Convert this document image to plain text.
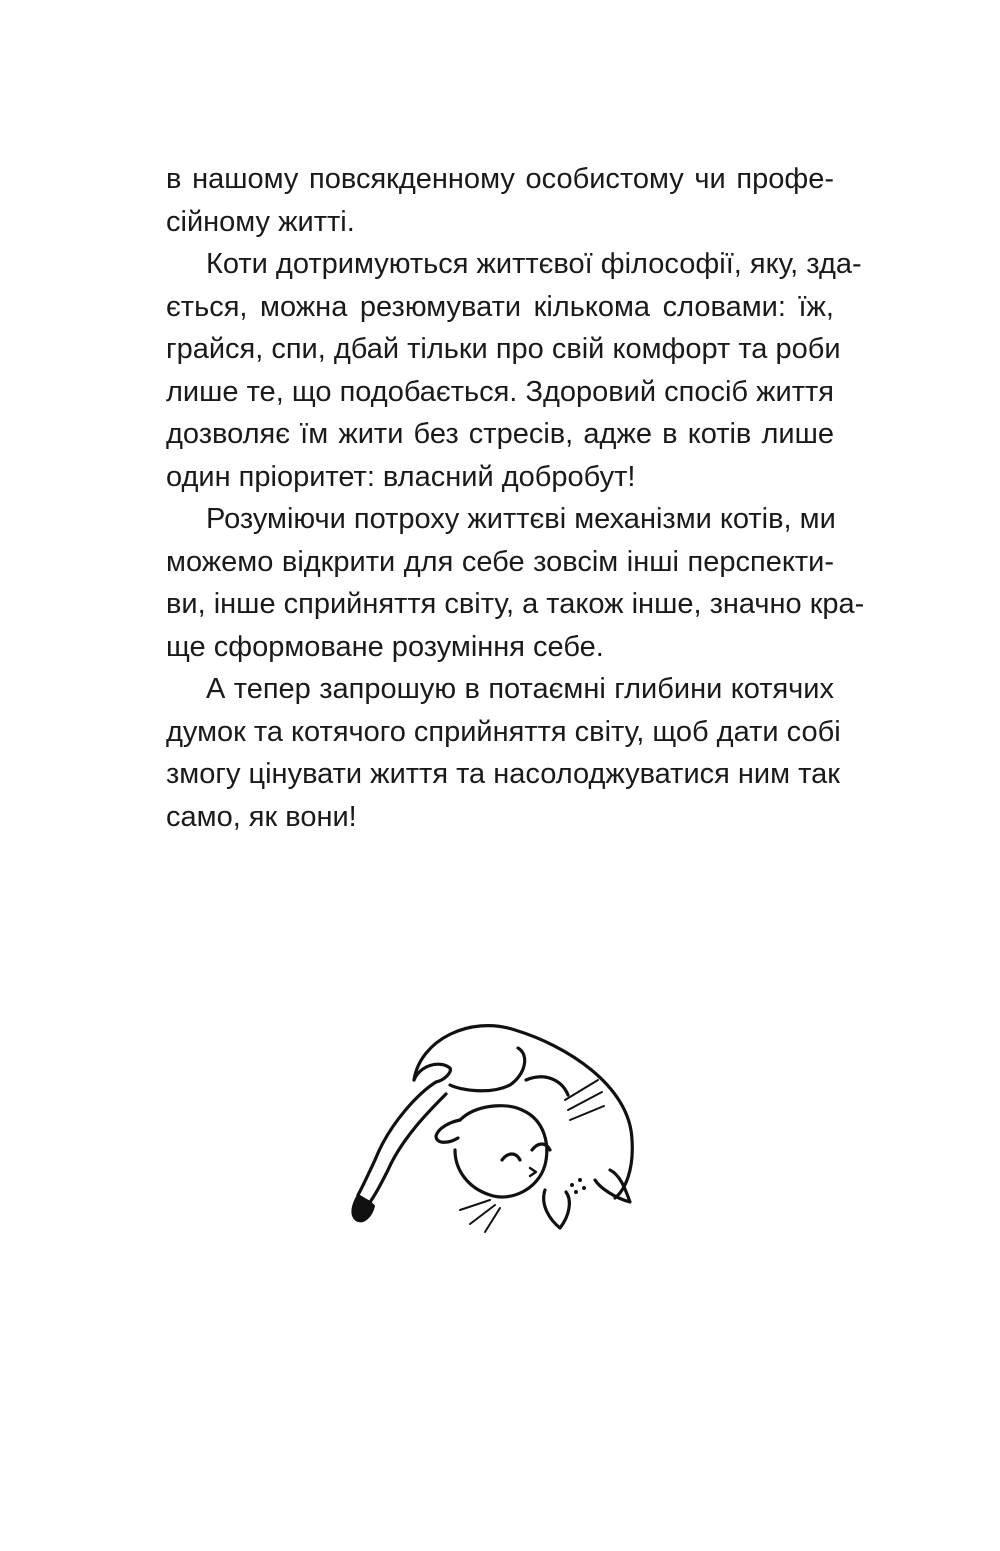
в нашому повсякденному особистому чи профе-
сійному житті.
Коти дотримуються життєвої філософії, яку, зда-
ється, можна резюмувати кількома словами: їж,
грайся, спи, дбай тільки про свій комфорт та роби
лише те, що подобається. Здоровий спосіб життя
дозволяє їм жити без стресів, адже в котів лише
один пріоритет: власний добробут!
Розуміючи потроху життєві механізми котів, ми
можемо відкрити для себе зовсім інші перспекти-
ви, інше сприйняття світу, а також інше, значно кра-
ще сформоване розуміння себе.
А тепер запрошую в потаємні глибини котячих
думок та котячого сприйняття світу, щоб дати собі
змогу цінувати життя та насолоджуватися ним так
само, як вони!
